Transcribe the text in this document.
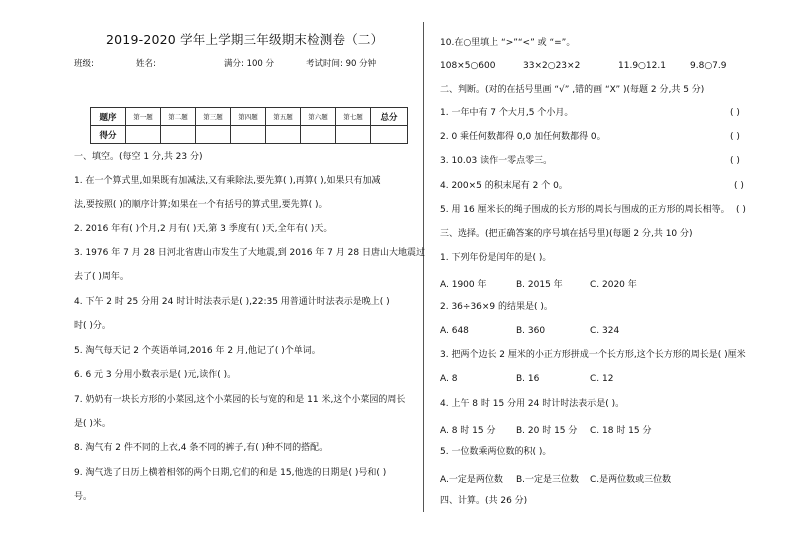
2019-2020 学年上学期三年级期末检测卷（二）
班级:	姓名:	满分: 100 分	考试时间: 90 分钟
题序	第一题	第二题	第三题	第四题	第五题	第六题	第七题	总分
得分								
一、填空。(每空 1 分,共 23 分)
1. 在一个算式里,如果既有加减法,又有乘除法,要先算( ),再算( ),如果只有加减
法,要按照( )的顺序计算;如果在一个有括号的算式里,要先算( )。
2. 2016 年有( )个月,2 月有( )天,第 3 季度有( )天,全年有( )天。
3. 1976 年 7 月 28 日河北省唐山市发生了大地震,到 2016 年 7 月 28 日唐山大地震过
去了( )周年。
4. 下午 2 时 25 分用 24 时计时法表示是( ),22:35 用普通计时法表示是晚上( )
时( )分。
5. 淘气每天记 2 个英语单词,2016 年 2 月,他记了( )个单词。
6. 6 元 3 分用小数表示是( )元,读作( )。
7. 奶奶有一块长方形的小菜园,这个小菜园的长与宽的和是 11 米,这个小菜园的周长
是( )米。
8. 淘气有 2 件不同的上衣,4 条不同的裤子,有( )种不同的搭配。
9. 淘气选了日历上横着相邻的两个日期,它们的和是 15,他选的日期是( )号和( )
号。
10.在○里填上 “>”“<” 或 “=”。
108×5○600	33×2○23×2	11.9○12.1	9.8○7.9
二、判断。(对的在括号里画 “√” ,错的画 “X” )(每题 2 分,共 5 分)
1. 一年中有 7 个大月,5 个小月。	( )
2. 0 乘任何数都得 0,0 加任何数都得 0。	( )
3. 10.03 读作一零点零三。	( )
4. 200×5 的积末尾有 2 个 0。	( )
5. 用 16 厘米长的绳子围成的长方形的周长与围成的正方形的周长相等。 ( )
三、选择。(把正确答案的序号填在括号里)(每题 2 分,共 10 分)
1. 下列年份是闰年的是( )。
A. 1900 年	B. 2015 年	C. 2020 年
2. 36÷36×9 的结果是( )。
A. 648	B. 360	C. 324
3. 把两个边长 2 厘米的小正方形拼成一个长方形,这个长方形的周长是( )厘米
A. 8	B. 16	C. 12
4. 上午 8 时 15 分用 24 时计时法表示是( )。
A. 8 时 15 分 B. 20 时 15 分 C. 18 时 15 分
5. 一位数乘两位数的积( )。
A.一定是两位数 B.一定是三位数 C.是两位数或三位数
四、计算。(共 26 分)
